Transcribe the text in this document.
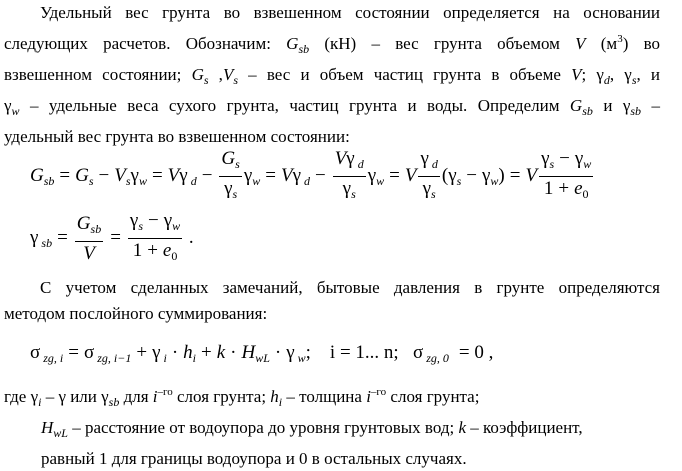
Удельный вес грунта во взвешенном состоянии определяется на основании
следующих расчетов. Обозначим: $G_{sb}$ (кН) – вес грунта объемом V $(м^3)$ во
взвешенном состоянии; $G_s$ $,V_s$ – вес и объем частиц грунта в объеме V; $\gamma_d$, $\gamma_s$, и
$\gamma_w$ – удельные веса сухого грунта, частиц грунта и воды. Определим $G_{sb}$ и $\gamma_{sb}$ –
удельный вес грунта во взвешенном состоянии:
$G_{sb} = G_s - V_s\gamma_w = V\gamma$ $_d - \frac{G_s}{\gamma_s} \gamma_w = V\gamma$ $_d - \frac{V\gamma _d}{\gamma_s} \gamma_w = V \frac{\gamma _d}{\gamma_s} (\gamma_s - \gamma_w) = V \frac{\gamma_s - \gamma_w}{1 + e_0}$
γ $_{sb} = \frac{G_{sb}}{V} = \frac{\gamma_s - \gamma_w}{1 + e_0}$ .
С учетом сделанных замечаний, бытовые давления в грунте определяются
методом послойного суммирования:
σ $_{zg, i}$ = σ $_{zg, i-1}$ + γ $_i \cdot h_i + k \cdot H_{wL} \cdot \gamma$ $_w$; i = 1... n; σ $_{zg, 0}$ = 0 ,
где $\gamma_i$ – γ или $\gamma_{sb}$ для $i^{-го}$ слоя грунта; $h_i$ – толщина $i^{-го}$ слоя грунта;
$H_{wL}$ – расстояние от водоупора до уровня грунтовых вод; k – коэффициент,
равный 1 для границы водоупора и 0 в остальных случаях.
